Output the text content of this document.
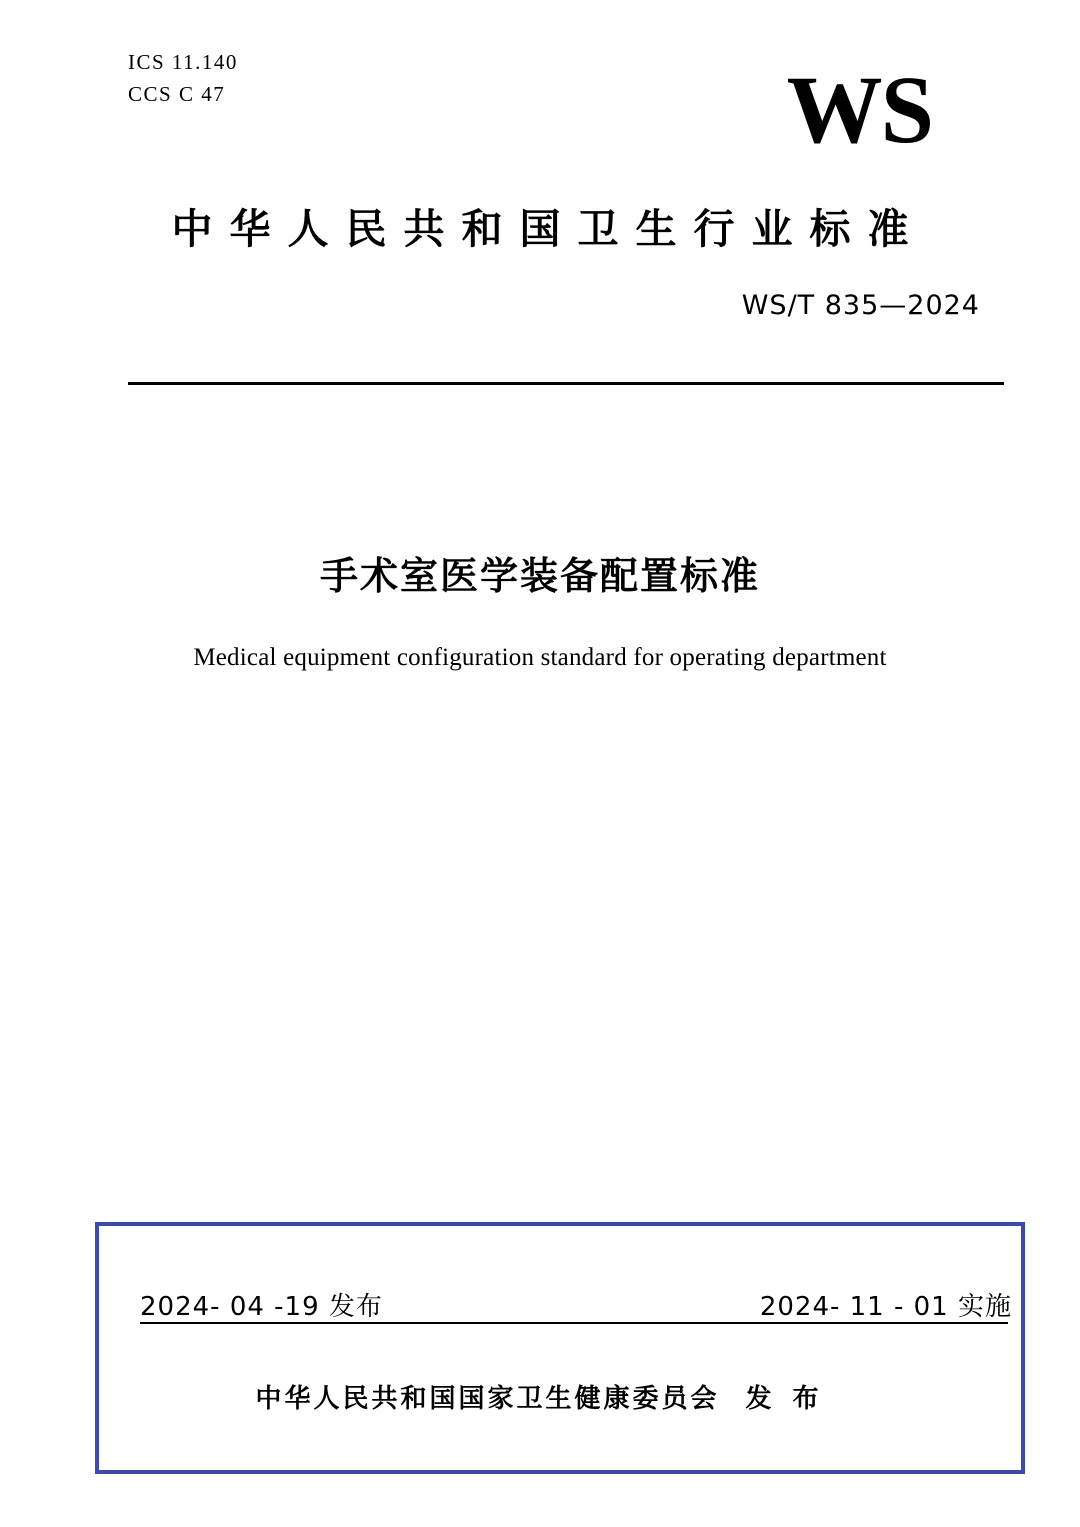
ICS 11.140
CCS C 47	WS
中华人民共和国卫生行业标准
WS/T 835—2024
手术室医学装备配置标准
Medical equipment configuration standard for operating department
2024- 04 -19 发布	2024- 11 - 01 实施
中华人民共和国国家卫生健康委员会 发 布
